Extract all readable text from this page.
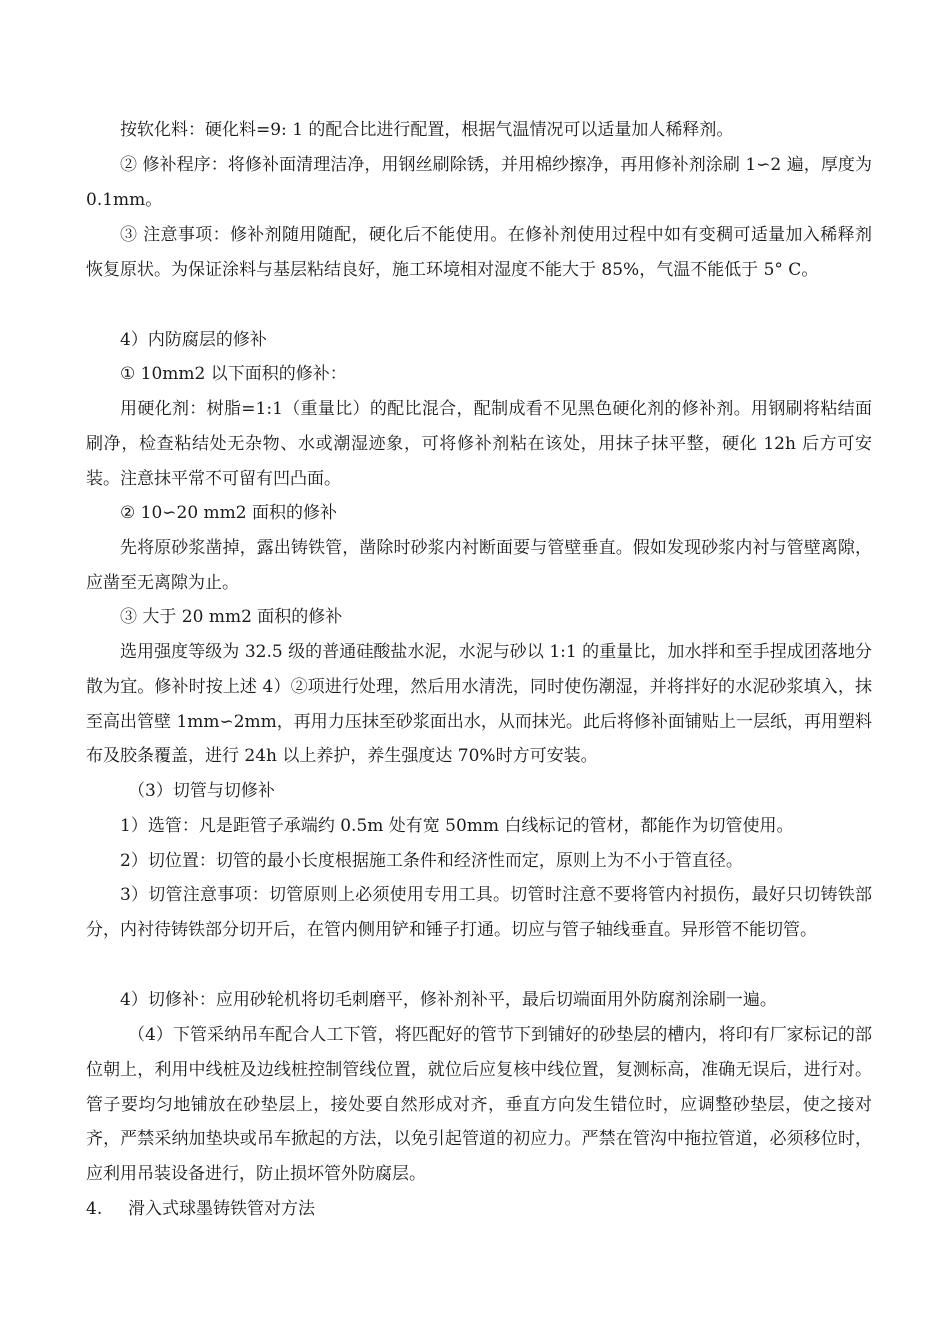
按软化料：硬化料=9: 1 的配合比进行配置，根据气温情况可以适量加人稀释剂。

② 修补程序：将修补面清理洁净，用钢丝刷除锈，并用棉纱擦净，再用修补剂涂刷 1∽2 遍，厚度为 0.1mm。

③ 注意事项：修补剂随用随配，硬化后不能使用。在修补剂使用过程中如有变稠可适量加入稀释剂恢复原状。为保证涂料与基层粘结良好，施工环境相对湿度不能大于 85%，气温不能低于 5° C。

4）内防腐层的修补

① 10mm2 以下面积的修补：

用硬化剂：树脂=1:1（重量比）的配比混合，配制成看不见黑色硬化剂的修补剂。用钢刷将粘结面刷净，检查粘结处无杂物、水或潮湿迹象，可将修补剂粘在该处，用抹子抹平整，硬化 12h 后方可安装。注意抹平常不可留有凹凸面。

② 10∽20 mm2 面积的修补

先将原砂浆凿掉，露出铸铁管，凿除时砂浆内衬断面要与管壁垂直。假如发现砂浆内衬与管壁离隙，应凿至无离隙为止。

③ 大于 20 mm2 面积的修补

选用强度等级为 32.5 级的普通硅酸盐水泥，水泥与砂以 1:1 的重量比，加水拌和至手捏成团落地分散为宜。修补时按上述 4）②项进行处理，然后用水清洗，同时使伤潮湿，并将拌好的水泥砂浆填入，抹至高出管壁 1mm∽2mm，再用力压抹至砂浆面出水，从而抹光。此后将修补面铺贴上一层纸，再用塑料布及胶条覆盖，进行 24h 以上养护，养生强度达 70%时方可安装。

（3）切管与切修补

1）选管：凡是距管子承端约 0.5m 处有宽 50mm 白线标记的管材，都能作为切管使用。

2）切位置：切管的最小长度根据施工条件和经济性而定，原则上为不小于管直径。

3）切管注意事项：切管原则上必须使用专用工具。切管时注意不要将管内衬损伤，最好只切铸铁部分，内衬待铸铁部分切开后，在管内侧用铲和锤子打通。切应与管子轴线垂直。异形管不能切管。

4）切修补：应用砂轮机将切毛刺磨平，修补剂补平，最后切端面用外防腐剂涂刷一遍。

（4）下管采纳吊车配合人工下管，将匹配好的管节下到铺好的砂垫层的槽内，将印有厂家标记的部位朝上，利用中线桩及边线桩控制管线位置，就位后应复核中线位置，复测标高，准确无误后，进行对。管子要均匀地铺放在砂垫层上，接处要自然形成对齐，垂直方向发生错位时，应调整砂垫层，使之接对齐，严禁采纳加垫块或吊车掀起的方法，以免引起管道的初应力。严禁在管沟中拖拉管道，必须移位时，应利用吊装设备进行，防止损坏管外防腐层。

4. 滑入式球墨铸铁管对方法
